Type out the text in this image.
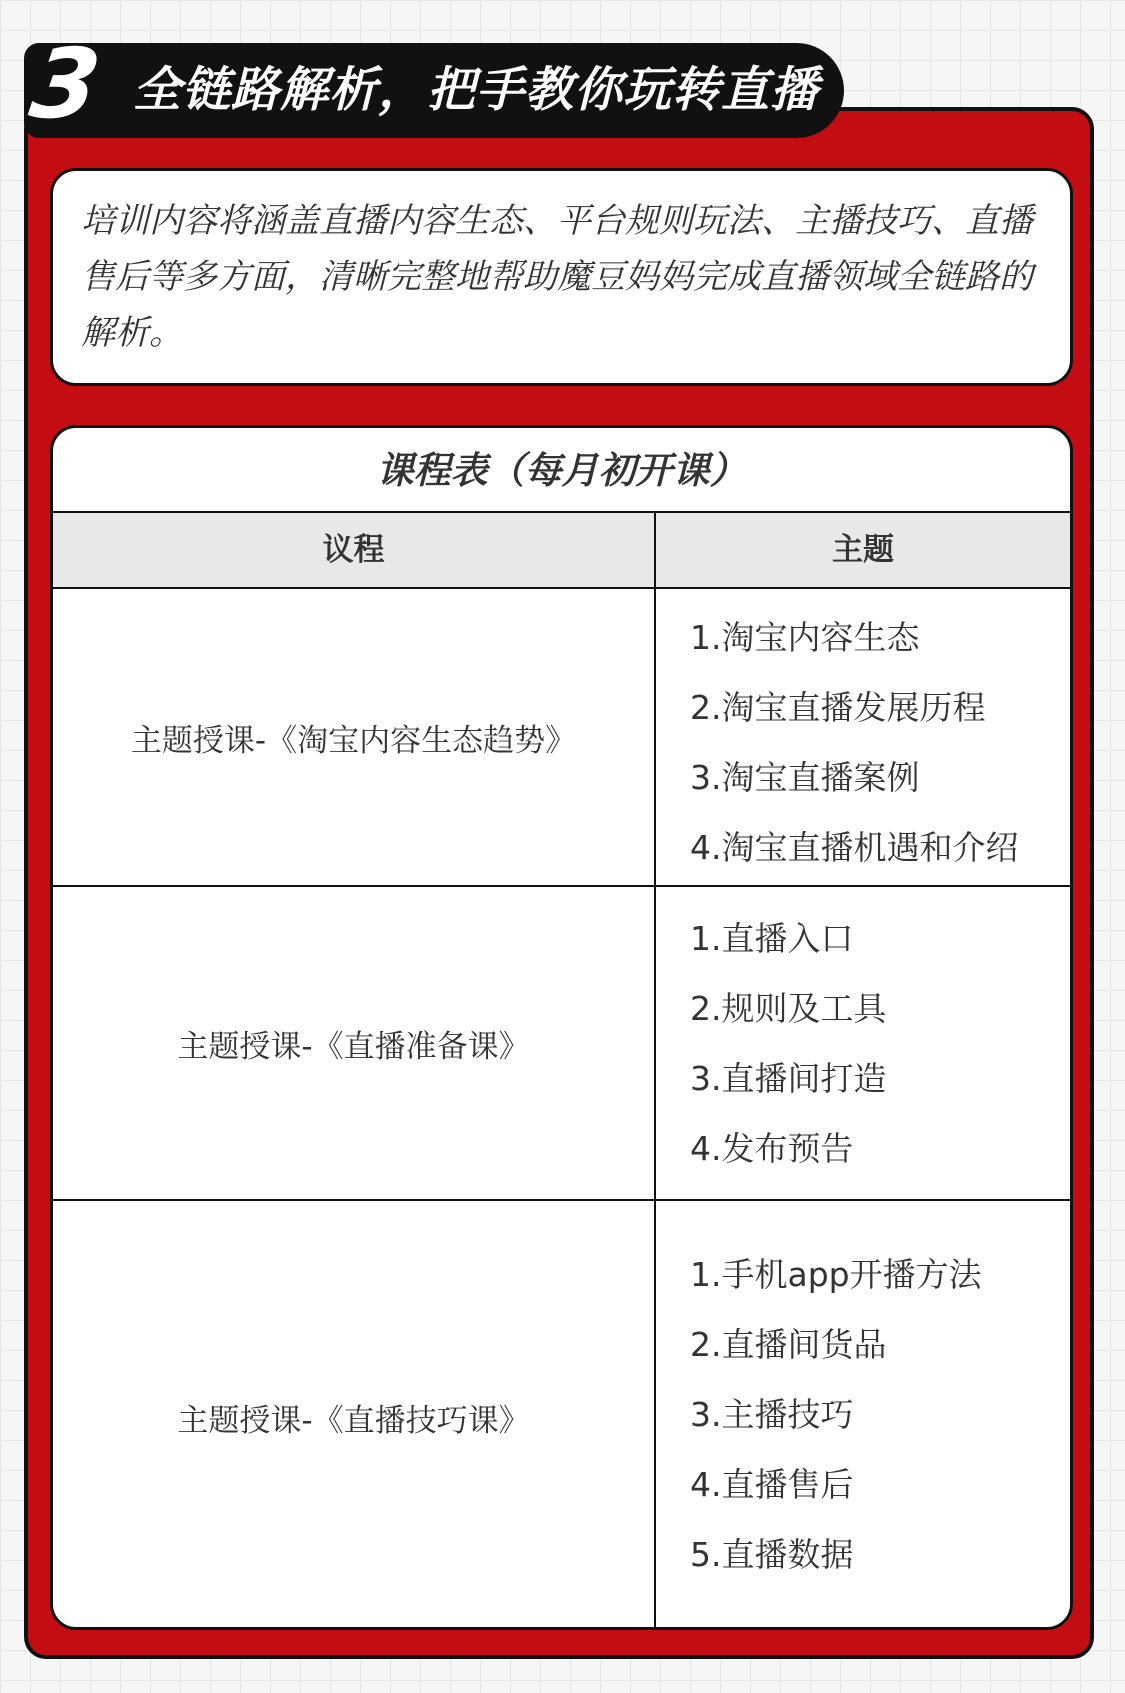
3 全链路解析，把手教你玩转直播

培训内容将涵盖直播内容生态、平台规则玩法、主播技巧、直播售后等多方面，清晰完整地帮助魔豆妈妈完成直播领域全链路的解析。

课程表（每月初开课）
议程	主题
主题授课-《淘宝内容生态趋势》
1.淘宝内容生态
2.淘宝直播发展历程
3.淘宝直播案例
4.淘宝直播机遇和介绍
主题授课-《直播准备课》
1.直播入口
2.规则及工具
3.直播间打造
4.发布预告
主题授课-《直播技巧课》
1.手机app开播方法
2.直播间货品
3.主播技巧
4.直播售后
5.直播数据
